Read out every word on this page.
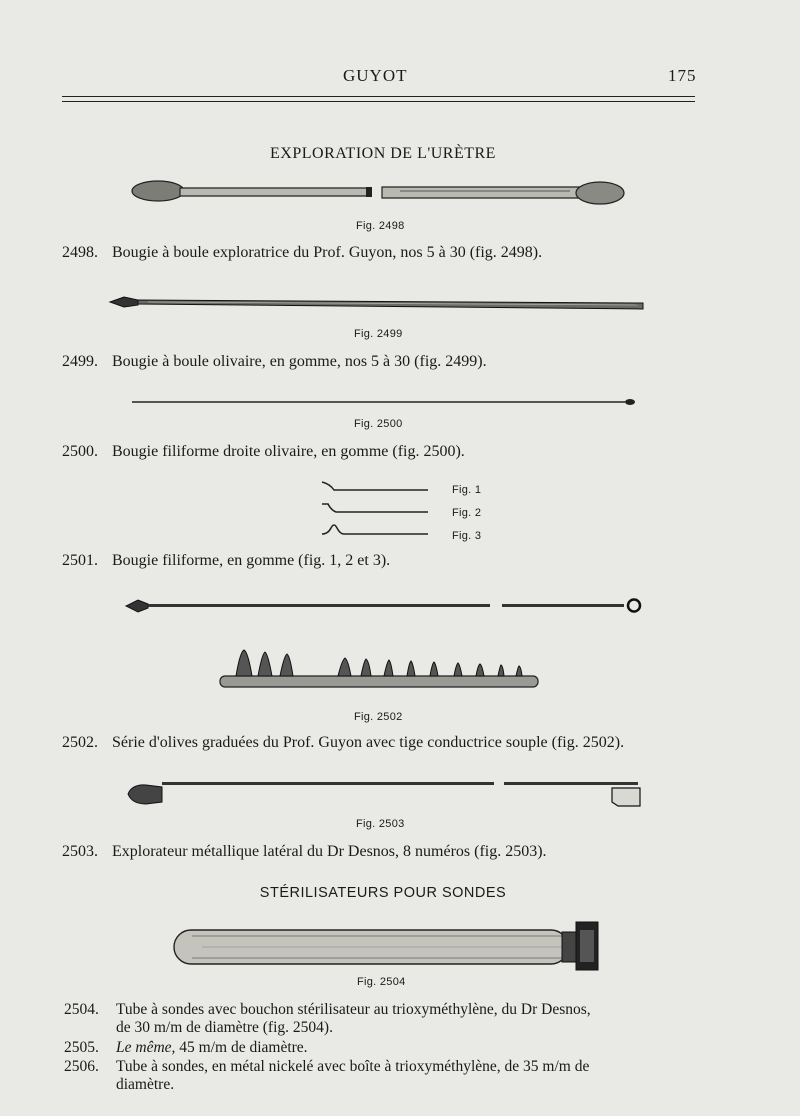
GUYOT	175
EXPLORATION DE L'URÈTRE
Fig. 2498
2498. Bougie à boule exploratrice du Prof. Guyon, nos 5 à 30 (fig. 2498).
Fig. 2499
2499. Bougie à boule olivaire, en gomme, nos 5 à 30 (fig. 2499).
Fig. 2500
2500. Bougie filiforme droite olivaire, en gomme (fig. 2500).
Fig. 1
Fig. 2
Fig. 3
2501. Bougie filiforme, en gomme (fig. 1, 2 et 3).
Fig. 2502
2502. Série d'olives graduées du Prof. Guyon avec tige conductrice souple (fig. 2502).
Fig. 2503
2503. Explorateur métallique latéral du Dr Desnos, 8 numéros (fig. 2503).
STÉRILISATEURS POUR SONDES
Fig. 2504
2504. Tube à sondes avec bouchon stérilisateur au trioxyméthylène, du Dr Desnos,
de 30 m/m de diamètre (fig. 2504).
2505. Le même, 45 m/m de diamètre.
2506. Tube à sondes, en métal nickelé avec boîte à trioxyméthylène, de 35 m/m de
diamètre.
